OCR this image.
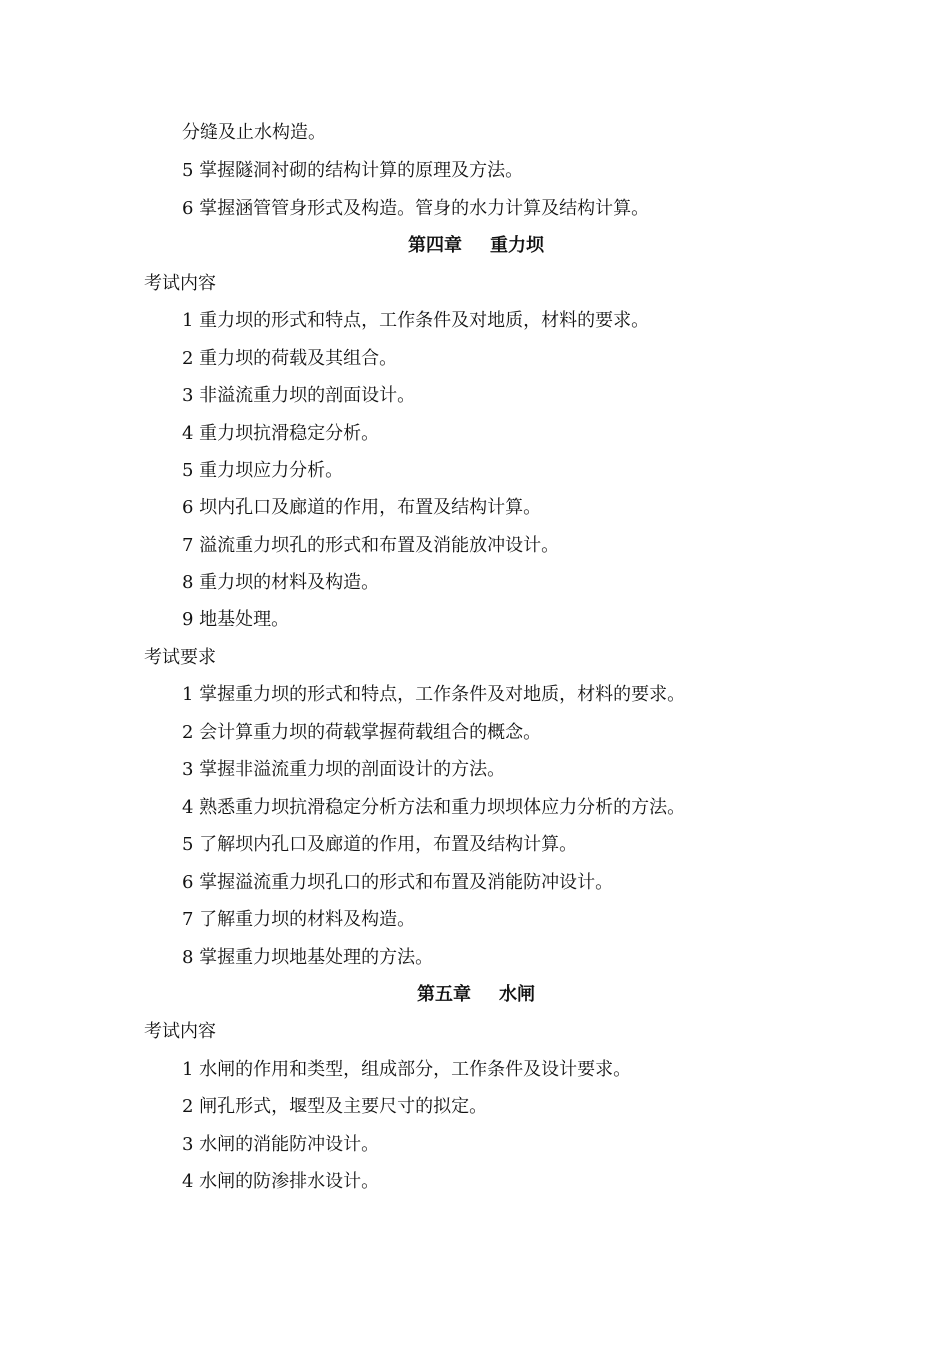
分缝及止水构造。
5 掌握隧洞衬砌的结构计算的原理及方法。
6 掌握涵管管身形式及构造。管身的水力计算及结构计算。
第四章 重力坝
考试内容
1 重力坝的形式和特点，工作条件及对地质，材料的要求。
2 重力坝的荷载及其组合。
3 非溢流重力坝的剖面设计。
4 重力坝抗滑稳定分析。
5 重力坝应力分析。
6 坝内孔口及廊道的作用，布置及结构计算。
7 溢流重力坝孔的形式和布置及消能放冲设计。
8 重力坝的材料及构造。
9 地基处理。
考试要求
1 掌握重力坝的形式和特点，工作条件及对地质，材料的要求。
2 会计算重力坝的荷载掌握荷载组合的概念。
3 掌握非溢流重力坝的剖面设计的方法。
4 熟悉重力坝抗滑稳定分析方法和重力坝坝体应力分析的方法。
5 了解坝内孔口及廊道的作用，布置及结构计算。
6 掌握溢流重力坝孔口的形式和布置及消能防冲设计。
7 了解重力坝的材料及构造。
8 掌握重力坝地基处理的方法。
第五章 水闸
考试内容
1 水闸的作用和类型，组成部分，工作条件及设计要求。
2 闸孔形式，堰型及主要尺寸的拟定。
3 水闸的消能防冲设计。
4 水闸的防渗排水设计。
